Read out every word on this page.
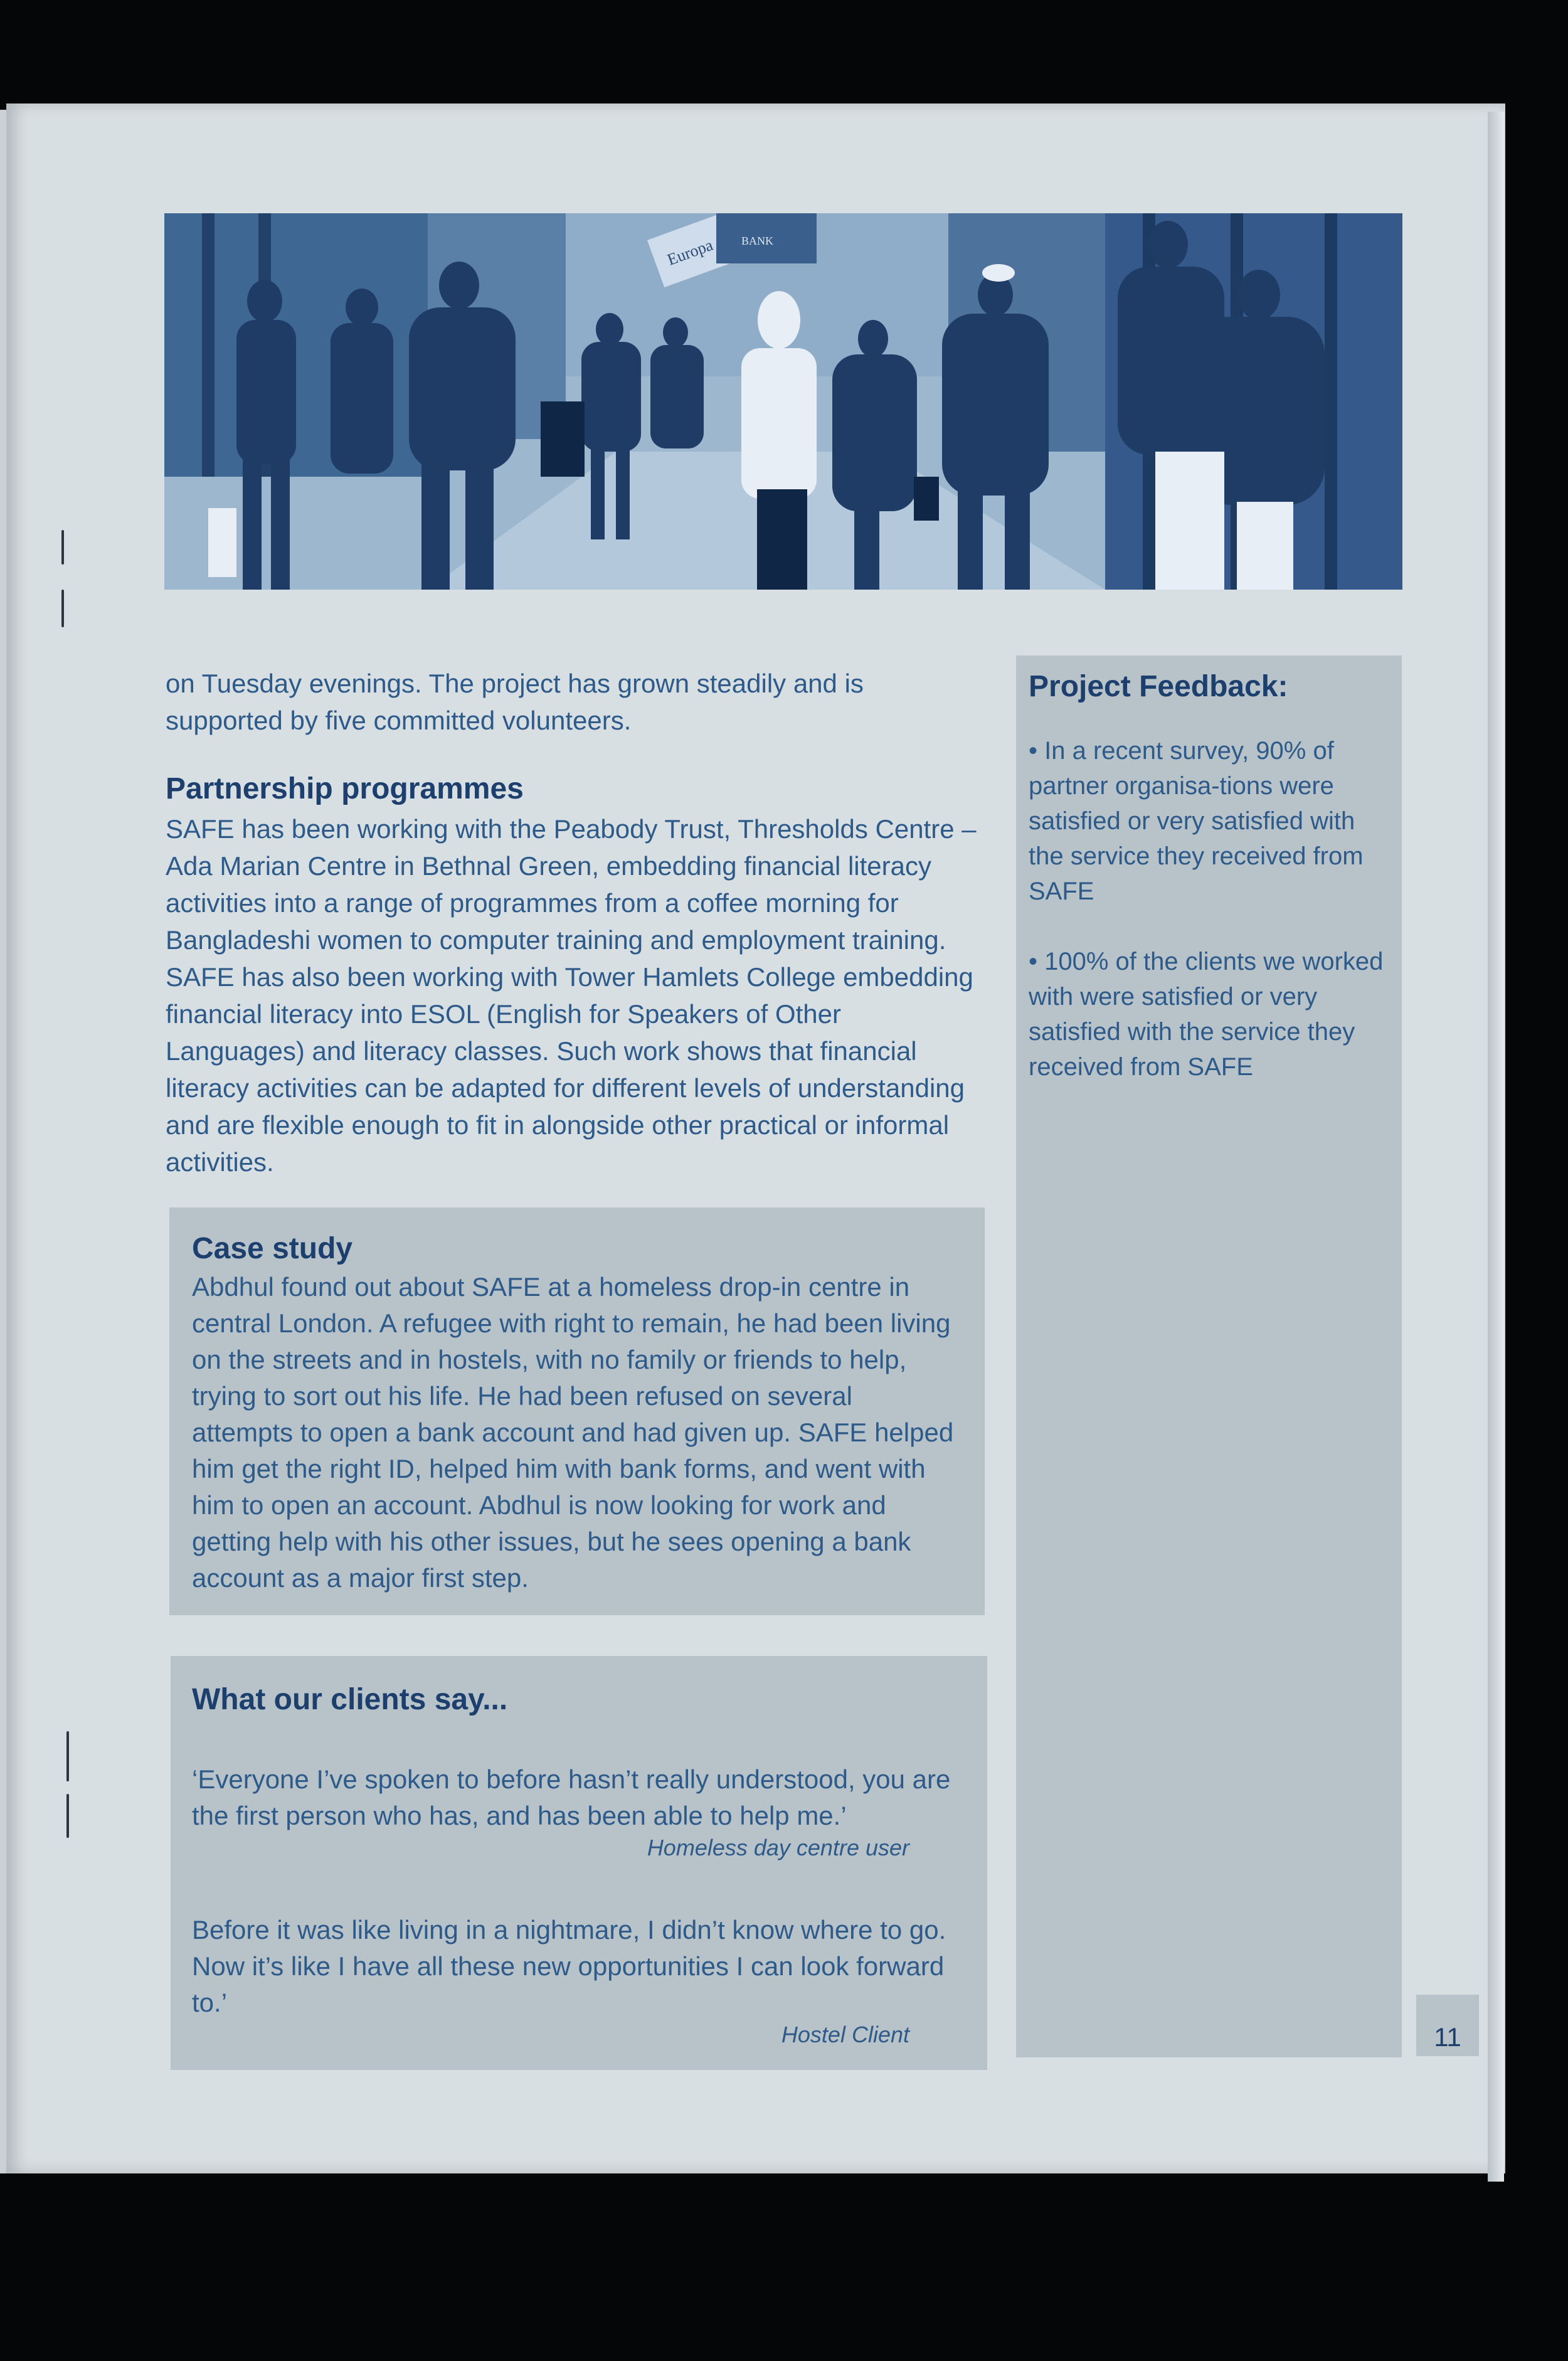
Europa BANK

on Tuesday evenings. The project has grown steadily and is supported by five committed volunteers.

Partnership programmes

SAFE has been working with the Peabody Trust, Thresholds Centre – Ada Marian Centre in Bethnal Green, embedding financial literacy activities into a range of programmes from a coffee morning for Bangladeshi women to computer training and employment training. SAFE has also been working with Tower Hamlets College embedding financial literacy into ESOL (English for Speakers of Other Languages) and literacy classes. Such work shows that financial literacy activities can be adapted for different levels of understanding and are flexible enough to fit in alongside other practical or informal activities.

Case study

Abdhul found out about SAFE at a homeless drop-in centre in central London. A refugee with right to remain, he had been living on the streets and in hostels, with no family or friends to help, trying to sort out his life. He had been refused on several attempts to open a bank account and had given up. SAFE helped him get the right ID, helped him with bank forms, and went with him to open an account. Abdhul is now looking for work and getting help with his other issues, but he sees opening a bank account as a major first step.

What our clients say...

‘Everyone I’ve spoken to before hasn’t really understood, you are the first person who has, and has been able to help me.’

Homeless day centre user

Before it was like living in a nightmare, I didn’t know where to go. Now it’s like I have all these new opportunities I can look forward to.’

Hostel Client
Project Feedback:

• In a recent survey, 90% of partner organisa-tions were satisfied or very satisfied with the service they received from SAFE

• 100% of the clients we worked with were satisfied or very satisfied with the service they received from SAFE

11
